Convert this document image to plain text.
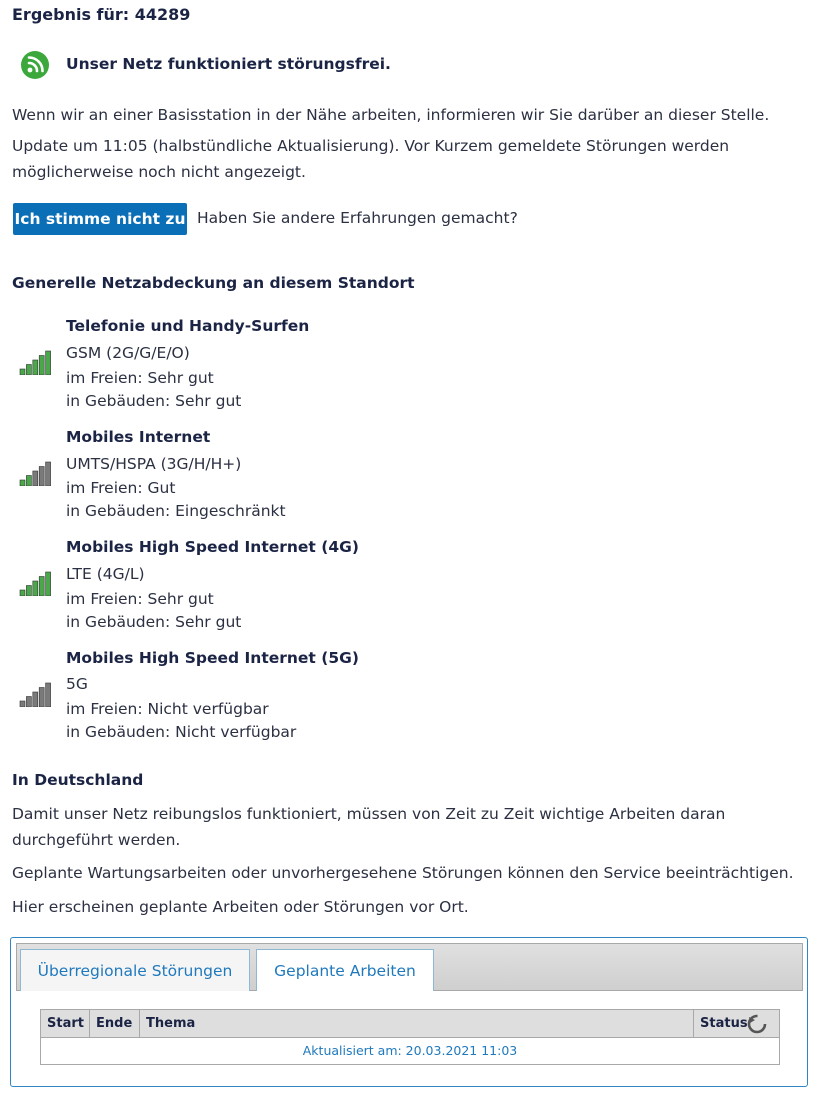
Ergebnis für: 44289
Unser Netz funktioniert störungsfrei.
Wenn wir an einer Basisstation in der Nähe arbeiten, informieren wir Sie darüber an dieser Stelle.
Update um 11:05 (halbstündliche Aktualisierung). Vor Kurzem gemeldete Störungen werden möglicherweise noch nicht angezeigt.
Ich stimme nicht zu Haben Sie andere Erfahrungen gemacht?
Generelle Netzabdeckung an diesem Standort
Telefonie und Handy-Surfen
GSM (2G/G/E/O)
im Freien: Sehr gut
in Gebäuden: Sehr gut
Mobiles Internet
UMTS/HSPA (3G/H/H+)
im Freien: Gut
in Gebäuden: Eingeschränkt
Mobiles High Speed Internet (4G)
LTE (4G/L)
im Freien: Sehr gut
in Gebäuden: Sehr gut
Mobiles High Speed Internet (5G)
5G
im Freien: Nicht verfügbar
in Gebäuden: Nicht verfügbar
In Deutschland
Damit unser Netz reibungslos funktioniert, müssen von Zeit zu Zeit wichtige Arbeiten daran durchgeführt werden.
Geplante Wartungsarbeiten oder unvorhergesehene Störungen können den Service beeinträchtigen.
Hier erscheinen geplante Arbeiten oder Störungen vor Ort.
Überregionale Störungen	Geplante Arbeiten
Start Ende	Thema	Status
Aktualisiert am: 20.03.2021 11:03
